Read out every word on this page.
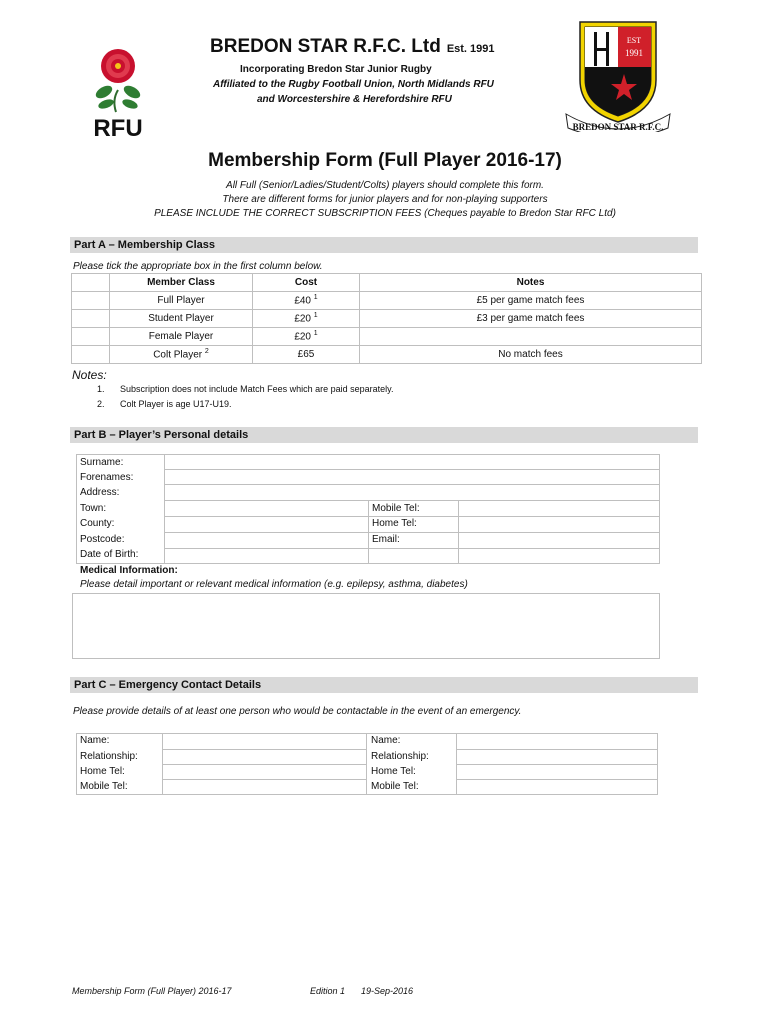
RFU
BREDON STAR R.F.C. Ltd Est. 1991
Incorporating Bredon Star Junior Rugby
Affiliated to the Rugby Football Union, North Midlands RFU
and Worcestershire & Herefordshire RFU
EST
1991
BREDON STAR R.F.C.
Membership Form (Full Player 2016-17)
All Full (Senior/Ladies/Student/Colts) players should complete this form.
There are different forms for junior players and for non-playing supporters
PLEASE INCLUDE THE CORRECT SUBSCRIPTION FEES (Cheques payable to Bredon Star RFC Ltd)
Part A – Membership Class
Please tick the appropriate box in the first column below.
	Member Class	Cost	Notes
	Full Player	£40 $^1$	£5 per game match fees
	Student Player	£20 $^1$	£3 per game match fees
	Female Player	£20 $^1$	
	Colt Player $^2$	£65	No match fees
Notes:
1. Subscription does not include Match Fees which are paid separately.
2. Colt Player is age U17-U19.
Part B – Player’s Personal details
Surname:
Forenames:
Address:
Town:
County:
Postcode:
Date of Birth:
Mobile Tel:
Home Tel:
Email:
Medical Information:
Please detail important or relevant medical information (e.g. epilepsy, asthma, diabetes)
Part C – Emergency Contact Details
Please provide details of at least one person who would be contactable in the event of an emergency.
Name:
Relationship:
Home Tel:
Mobile Tel:
Name:
Relationship:
Home Tel:
Mobile Tel:
Membership Form (Full Player) 2016-17	Edition 1 19-Sep-2016
